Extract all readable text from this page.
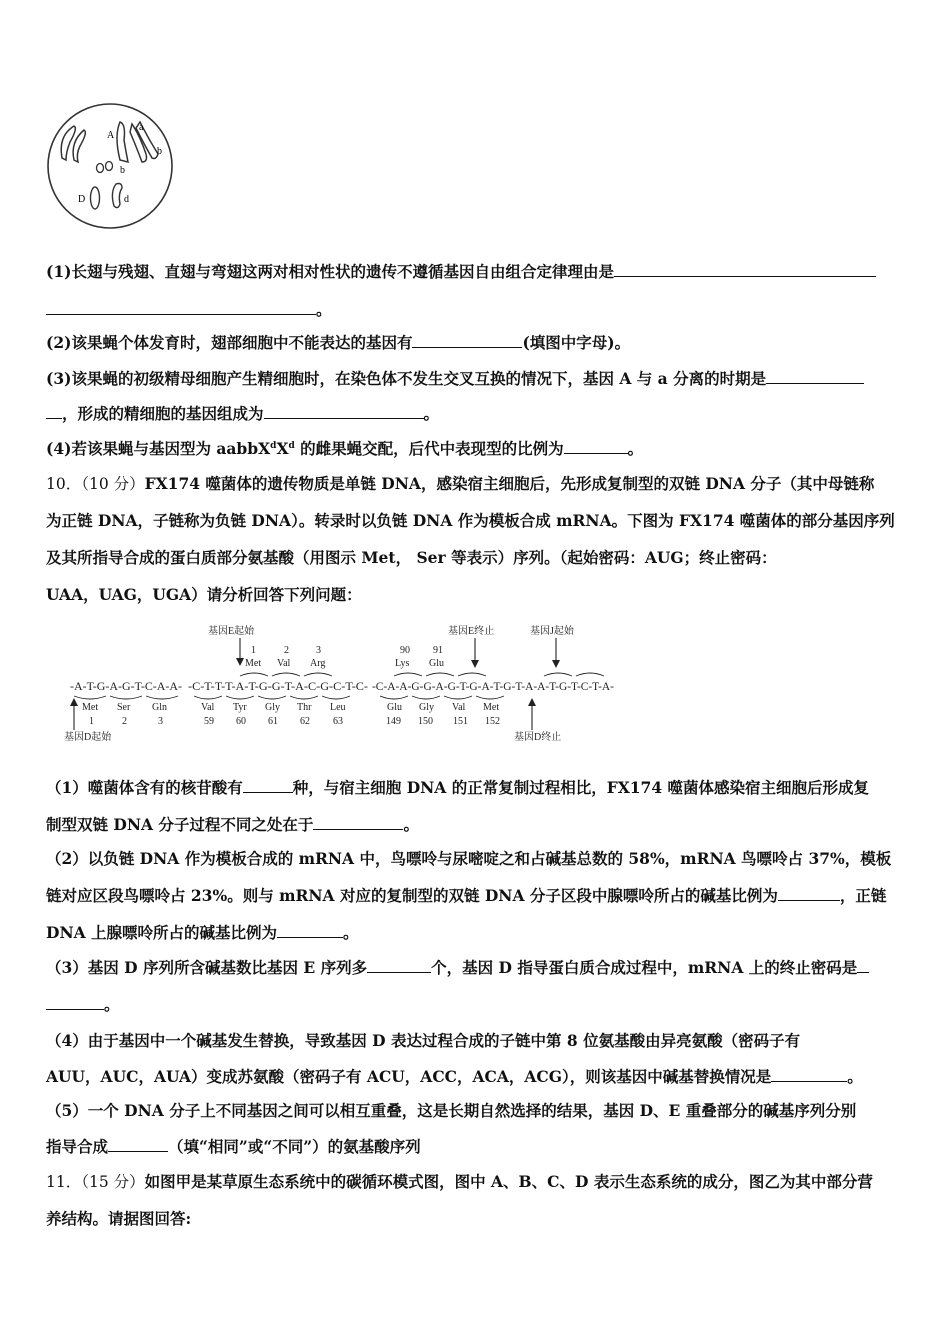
A
a
b
b
D	d
(1)长翅与残翅、直翅与弯翅这两对相对性状的遗传不遵循基因自由组合定律理由是
。
(2)该果蝇个体发育时，翅部细胞中不能表达的基因有	(填图中字母)。
(3)该果蝇的初级精母细胞产生精细胞时，在染色体不发生交叉互换的情况下，基因 A 与 a 分离的时期是
，形成的精细胞的基因组成为	。
(4)若该果蝇与基因型为 $aabbX^dX^d$ 的雌果蝇交配，后代中表现型的比例为	。
10．（10 分）FX174 噬菌体的遗传物质是单链 DNA，感染宿主细胞后，先形成复制型的双链 DNA 分子（其中母链称
为正链 DNA，子链称为负链 DNA）。转录时以负链 DNA 作为模板合成 mRNA。下图为 FX174 噬菌体的部分基因序列
及其所指导合成的蛋白质部分氨基酸（用图示 Met， Ser 等表示）序列。（起始密码：AUG；终止密码：
UAA，UAG，UGA）请分析回答下列问题：
基因E起始	基因E终止	基因J起始
1	2	3	90 91
Met Val Arg	Lys Glu
-A-T-G-A-G-T-C-A-A- -C-T-T-T-A-T-G-G-T-A-C-G-C-T-C- -C-A-A-G-G-A-G-T-G-A-T-G-T-A-A-T-G-T-C-T-A-
Met Ser Gln	Val Tyr Gly Thr Leu	Glu Gly Val Met
1	2	3	59 60 61 62 63	149 150 151 152
基因D起始	基因D终止
（1）噬菌体含有的核苷酸有	种，与宿主细胞 DNA 的正常复制过程相比，FX174 噬菌体感染宿主细胞后形成复
制型双链 DNA 分子过程不同之处在于	。
（2）以负链 DNA 作为模板合成的 mRNA 中，鸟嘌呤与尿嘧啶之和占碱基总数的 58%，mRNA 鸟嘌呤占 37%，模板
链对应区段鸟嘌呤占 23%。则与 mRNA 对应的复制型的双链 DNA 分子区段中腺嘌呤所占的碱基比例为	，正链
DNA 上腺嘌呤所占的碱基比例为	。
（3）基因 D 序列所含碱基数比基因 E 序列多	个，基因 D 指导蛋白质合成过程中，mRNA 上的终止密码是
。
（4）由于基因中一个碱基发生替换，导致基因 D 表达过程合成的子链中第 8 位氨基酸由异亮氨酸（密码子有
AUU，AUC，AUA）变成苏氨酸（密码子有 ACU，ACC，ACA，ACG），则该基因中碱基替换情况是	。
（5）一个 DNA 分子上不同基因之间可以相互重叠，这是长期自然选择的结果，基因 D、E 重叠部分的碱基序列分别
指导合成	（填“相同”或“不同”）的氨基酸序列
11．（15 分）如图甲是某草原生态系统中的碳循环模式图，图中 A、B、C、D 表示生态系统的成分，图乙为其中部分营
养结构。请据图回答:
